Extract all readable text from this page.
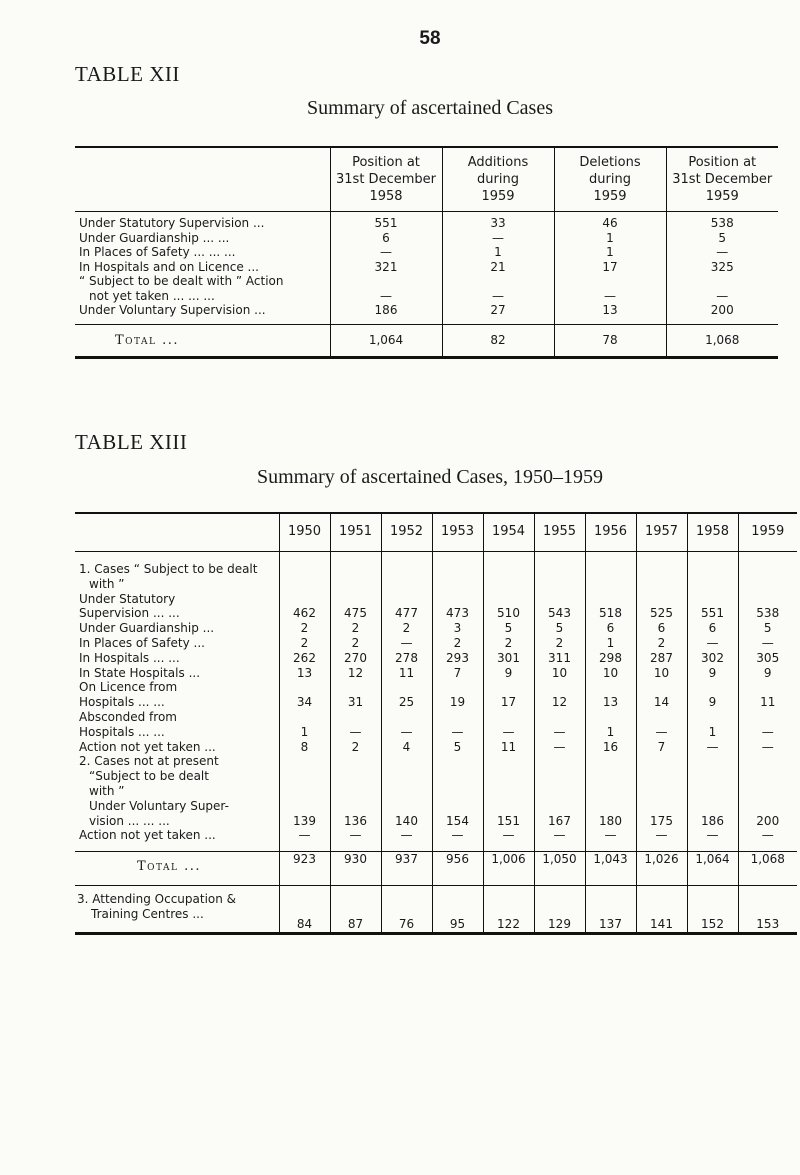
58
TABLE XII
Summary of ascertained Cases
	Position at
31st December
1958	Additions
during
1959	Deletions
during
1959	Position at
31st December
1959
Under Statutory Supervision ...	551	33	46	538
Under Guardianship ... ...	6	—	1	5
In Places of Safety ... ... ...	—	1	1	—
In Hospitals and on Licence ...	321	21	17	325
“ Subject to be dealt with ” Action				
not yet taken ... ... ...	—	—	—	—
Under Voluntary Supervision ...	186	27	13	200
Total ...	1,064	82	78	1,068
TABLE XIII
Summary of ascertained Cases, 1950–1959
	1950	1951	1952	1953	1954	1955	1956	1957	1958	1959
1. Cases “ Subject to be dealt										
with ”										
Under Statutory										
Supervision ... ...	462	475	477	473	510	543	518	525	551	538
Under Guardianship ...	2	2	2	3	5	5	6	6	6	5
In Places of Safety ...	2	2	—	2	2	2	1	2	—	—
In Hospitals ... ...	262	270	278	293	301	311	298	287	302	305
In State Hospitals ...	13	12	11	7	9	10	10	10	9	9
On Licence from										
Hospitals ... ...	34	31	25	19	17	12	13	14	9	11
Absconded from										
Hospitals ... ...	1	—	—	—	—	—	1	—	1	—
Action not yet taken ...	8	2	4	5	11	—	16	7	—	—
2. Cases not at present										
“Subject to be dealt										
with ”										
Under Voluntary Super-										
vision ... ... ...	139	136	140	154	151	167	180	175	186	200
Action not yet taken ...	—	—	—	—	—	—	—	—	—	—
Total ...	923	930	937	956	1,006	1,050	1,043	1,026	1,064	1,068
3. Attending Occupation &
Training Centres ...	84	87	76	95	122	129	137	141	152	153
